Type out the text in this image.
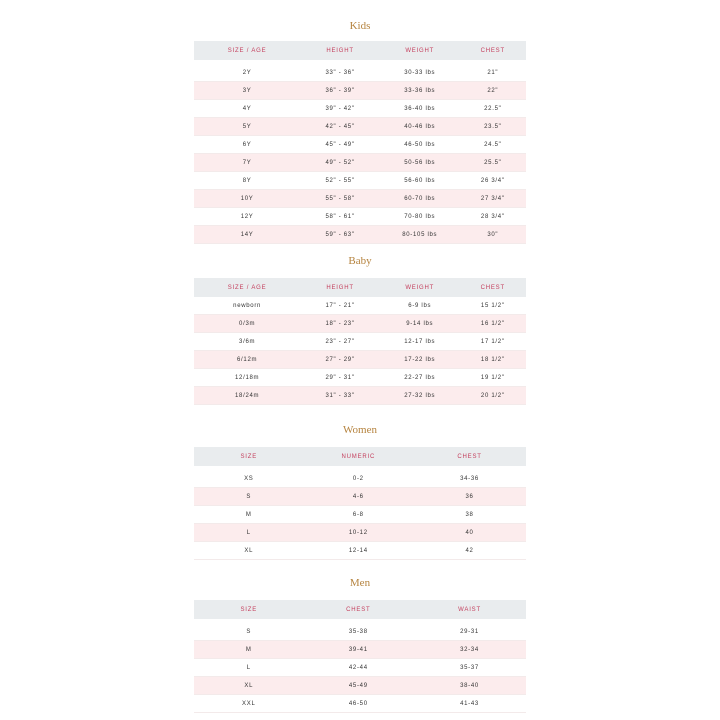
Kids
SIZE / AGE	HEIGHT	WEIGHT	CHEST

2Y	33" - 36"	30-33 lbs	21"
3Y	36" - 39"	33-36 lbs	22"
4Y	39" - 42"	36-40 lbs	22.5"
5Y	42" - 45"	40-46 lbs	23.5"
6Y	45" - 49"	46-50 lbs	24.5"
7Y	49" - 52"	50-56 lbs	25.5"
8Y	52" - 55"	56-60 lbs	26 3/4"
10Y	55" - 58"	60-70 lbs	27 3/4"
12Y	58" - 61"	70-80 lbs	28 3/4"
14Y	59" - 63"	80-105 lbs	30"
Baby
SIZE / AGE	HEIGHT	WEIGHT	CHEST
newborn	17" - 21"	6-9 lbs	15 1/2"
0/3m	18" - 23"	9-14 lbs	16 1/2"
3/6m	23" - 27"	12-17 lbs	17 1/2"
6/12m	27" - 29"	17-22 lbs	18 1/2"
12/18m	29" - 31"	22-27 lbs	19 1/2"
18/24m	31" - 33"	27-32 lbs	20 1/2"
Women
SIZE	NUMERIC	CHEST

XS	0-2	34-36
S	4-6	36
M	6-8	38
L	10-12	40
XL	12-14	42
Men
SIZE	CHEST	WAIST

S	35-38	29-31
M	39-41	32-34
L	42-44	35-37
XL	45-49	38-40
XXL	46-50	41-43
